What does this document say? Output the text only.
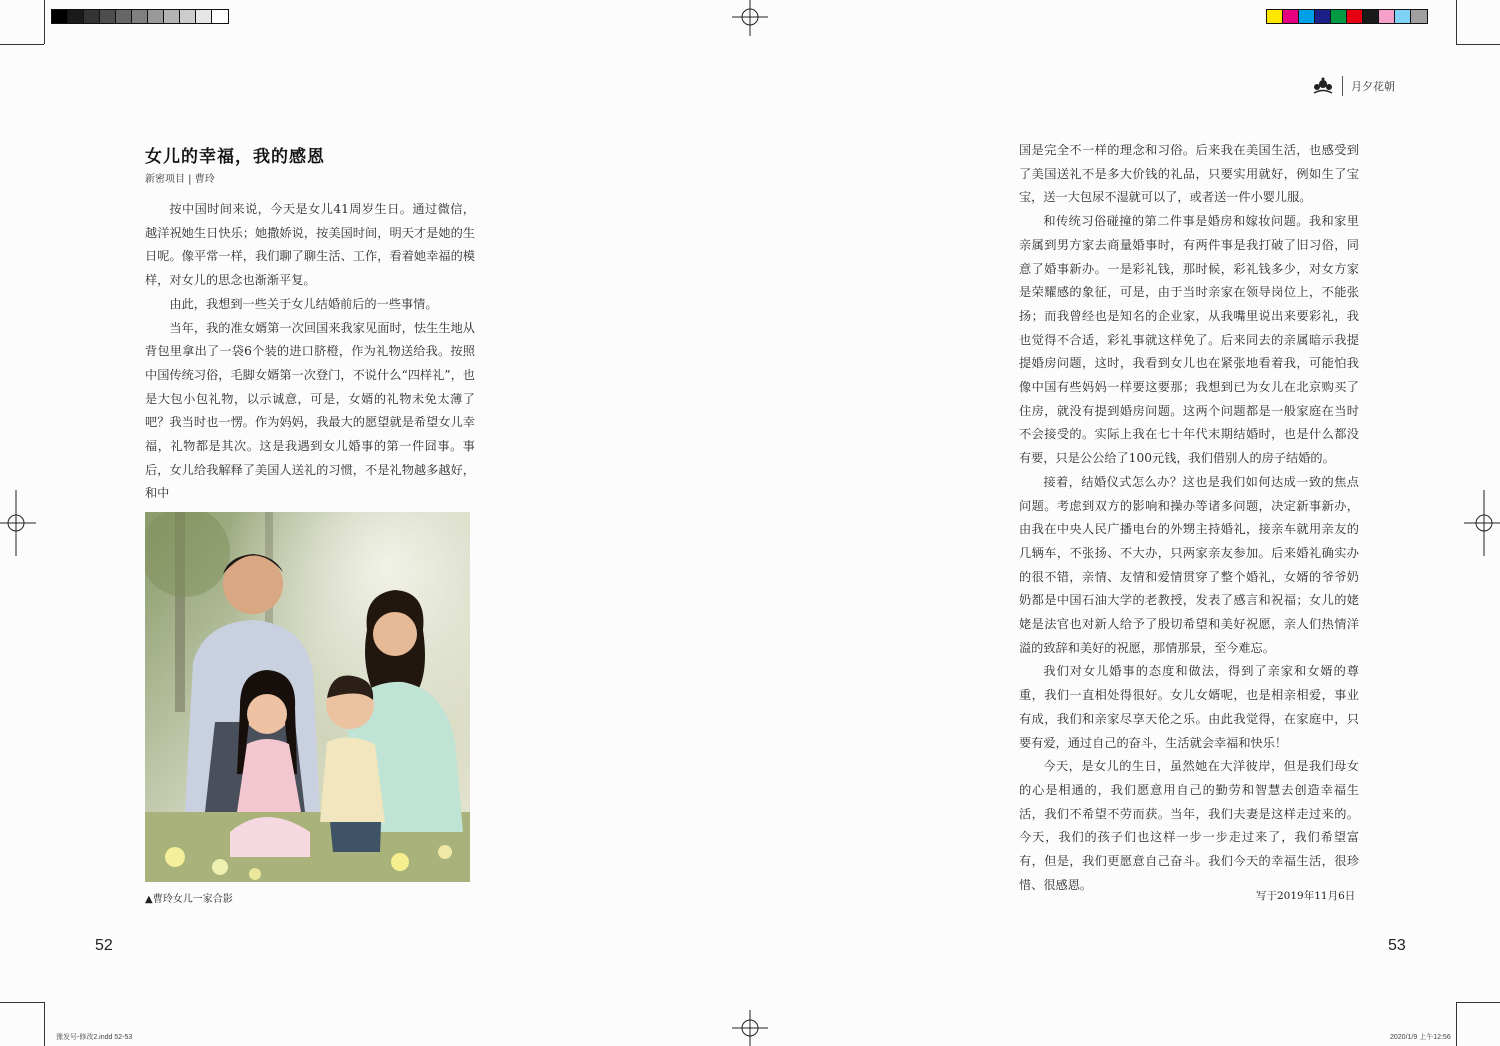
月夕花朝
女儿的幸福，我的感恩
新密项目 | 曹玲

按中国时间来说，今天是女儿41周岁生日。通过微信，越洋祝她生日快乐；她撒娇说，按美国时间，明天才是她的生日呢。像平常一样，我们聊了聊生活、工作，看着她幸福的模样，对女儿的思念也渐渐平复。

由此，我想到一些关于女儿结婚前后的一些事情。

当年，我的准女婿第一次回国来我家见面时，怯生生地从背包里拿出了一袋6个装的进口脐橙，作为礼物送给我。按照中国传统习俗，毛脚女婿第一次登门，不说什么“四样礼”，也是大包小包礼物，以示诚意，可是，女婿的礼物未免太薄了吧？我当时也一愣。作为妈妈，我最大的愿望就是希望女儿幸福，礼物都是其次。这是我遇到女儿婚事的第一件囧事。事后，女儿给我解释了美国人送礼的习惯，不是礼物越多越好，和中

▲曹玲女儿一家合影

国是完全不一样的理念和习俗。后来我在美国生活，也感受到了美国送礼不是多大价钱的礼品，只要实用就好，例如生了宝宝，送一大包尿不湿就可以了，或者送一件小婴儿服。

和传统习俗碰撞的第二件事是婚房和嫁妆问题。我和家里亲属到男方家去商量婚事时，有两件事是我打破了旧习俗，同意了婚事新办。一是彩礼钱，那时候，彩礼钱多少，对女方家是荣耀感的象征，可是，由于当时亲家在领导岗位上，不能张扬；而我曾经也是知名的企业家，从我嘴里说出来要彩礼，我也觉得不合适，彩礼事就这样免了。后来同去的亲属暗示我提提婚房问题，这时，我看到女儿也在紧张地看着我，可能怕我像中国有些妈妈一样要这要那；我想到已为女儿在北京购买了住房，就没有提到婚房问题。这两个问题都是一般家庭在当时不会接受的。实际上我在七十年代末期结婚时，也是什么都没有要，只是公公给了100元钱，我们借别人的房子结婚的。

接着，结婚仪式怎么办？这也是我们如何达成一致的焦点问题。考虑到双方的影响和操办等诸多问题，决定新事新办，由我在中央人民广播电台的外甥主持婚礼，接亲车就用亲友的几辆车，不张扬、不大办，只两家亲友参加。后来婚礼确实办的很不错，亲情、友情和爱情贯穿了整个婚礼，女婿的爷爷奶奶都是中国石油大学的老教授，发表了感言和祝福；女儿的姥姥是法官也对新人给予了殷切希望和美好祝愿，亲人们热情洋溢的致辞和美好的祝愿，那情那景，至今难忘。

我们对女儿婚事的态度和做法，得到了亲家和女婿的尊重，我们一直相处得很好。女儿女婿呢，也是相亲相爱，事业有成，我们和亲家尽享天伦之乐。由此我觉得，在家庭中，只要有爱，通过自己的奋斗，生活就会幸福和快乐！

今天，是女儿的生日，虽然她在大洋彼岸，但是我们母女的心是相通的，我们愿意用自己的勤劳和智慧去创造幸福生活，我们不希望不劳而获。当年，我们夫妻是这样走过来的。今天，我们的孩子们也这样一步一步走过来了，我们希望富有，但是，我们更愿意自己奋斗。我们今天的幸福生活，很珍惜、很感恩。

写于2019年11月6日
52	53
豫发号-修改2.indd 52-53	2020/1/9 上午12:56
